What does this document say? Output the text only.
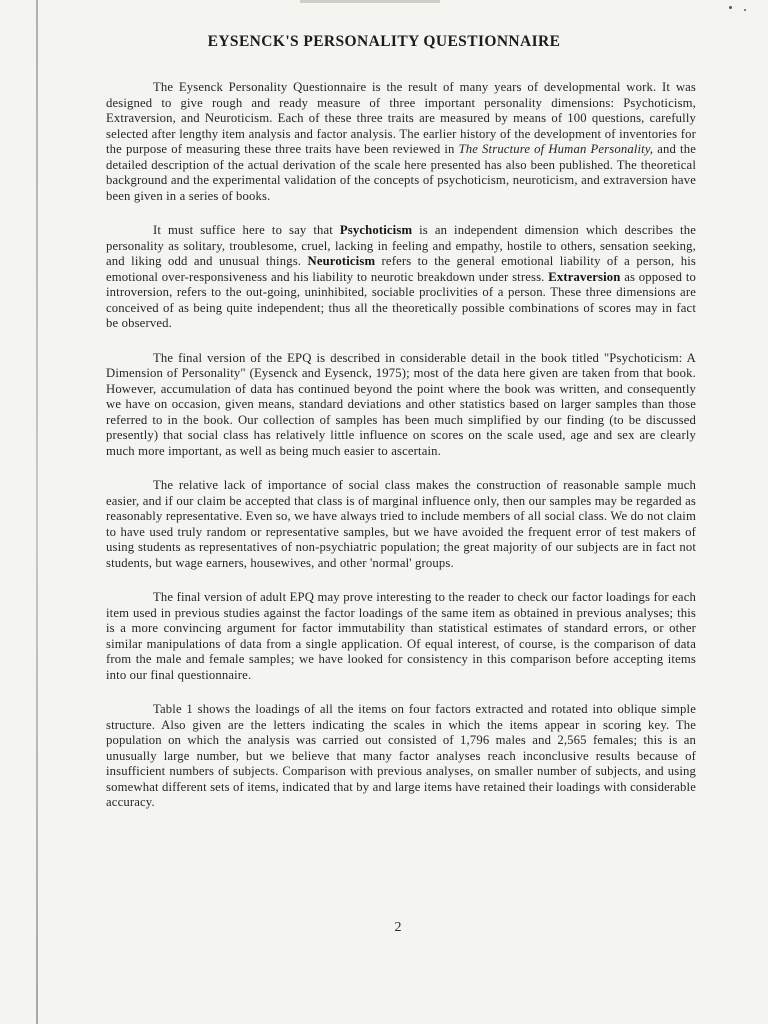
EYSENCK'S PERSONALITY QUESTIONNAIRE

The Eysenck Personality Questionnaire is the result of many years of developmental work. It was designed to give rough and ready measure of three important personality dimensions: Psychoticism, Extraversion, and Neuroticism. Each of these three traits are measured by means of 100 questions, carefully selected after lengthy item analysis and factor analysis. The earlier history of the development of inventories for the purpose of measuring these three traits have been reviewed in The Structure of Human Personality, and the detailed description of the actual derivation of the scale here presented has also been published. The theoretical background and the experimental validation of the concepts of psychoticism, neuroticism, and extraversion have been given in a series of books.

It must suffice here to say that Psychoticism is an independent dimension which describes the personality as solitary, troublesome, cruel, lacking in feeling and empathy, hostile to others, sensation seeking, and liking odd and unusual things. Neuroticism refers to the general emotional liability of a person, his emotional over-responsiveness and his liability to neurotic breakdown under stress. Extraversion as opposed to introversion, refers to the out-going, uninhibited, sociable proclivities of a person. These three dimensions are conceived of as being quite independent; thus all the theoretically possible combinations of scores may in fact be observed.

The final version of the EPQ is described in considerable detail in the book titled "Psychoticism: A Dimension of Personality" (Eysenck and Eysenck, 1975); most of the data here given are taken from that book. However, accumulation of data has continued beyond the point where the book was written, and consequently we have on occasion, given means, standard deviations and other statistics based on larger samples than those referred to in the book. Our collection of samples has been much simplified by our finding (to be discussed presently) that social class has relatively little influence on scores on the scale used, age and sex are clearly much more important, as well as being much easier to ascertain.

The relative lack of importance of social class makes the construction of reasonable sample much easier, and if our claim be accepted that class is of marginal influence only, then our samples may be regarded as reasonably representative. Even so, we have always tried to include members of all social class. We do not claim to have used truly random or representative samples, but we have avoided the frequent error of test makers of using students as representatives of non-psychiatric population; the great majority of our subjects are in fact not students, but wage earners, housewives, and other 'normal' groups.

The final version of adult EPQ may prove interesting to the reader to check our factor loadings for each item used in previous studies against the factor loadings of the same item as obtained in previous analyses; this is a more convincing argument for factor immutability than statistical estimates of standard errors, or other similar manipulations of data from a single application. Of equal interest, of course, is the comparison of data from the male and female samples; we have looked for consistency in this comparison before accepting items into our final questionnaire.

Table 1 shows the loadings of all the items on four factors extracted and rotated into oblique simple structure. Also given are the letters indicating the scales in which the items appear in scoring key. The population on which the analysis was carried out consisted of 1,796 males and 2,565 females; this is an unusually large number, but we believe that many factor analyses reach inconclusive results because of insufficient numbers of subjects. Comparison with previous analyses, on smaller number of subjects, and using somewhat different sets of items, indicated that by and large items have retained their loadings with considerable accuracy.

2
